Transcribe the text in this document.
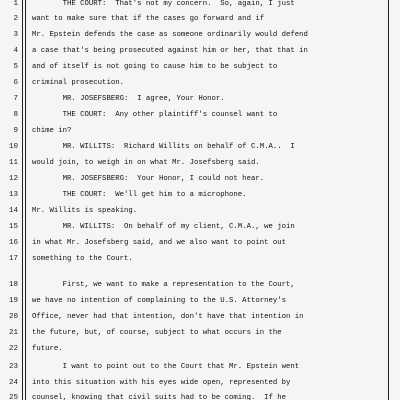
1 THE COURT:  That's not my concern.  So, again, I just
2 want to make sure that if the cases go forward and if
3 Mr. Epstein defends the case as someone ordinarily would defend
4 a case that's being prosecuted against him or her, that that in
5 and of itself is not going to cause him to be subject to
6 criminal prosecution.
7 MR. JOSEFSBERG:  I agree, Your Honor.
8 THE COURT:  Any other plaintiff's counsel want to
9 chime in?
10 MR. WILLITS:  Richard Willits on behalf of C.M.A..  I
11 would join, to weigh in on what Mr. Josefsberg said.
12 MR. JOSEFSBERG:  Your Honor, I could not hear.
13 THE COURT:  We'll get him to a microphone.
14 Mr. Willits is speaking.
15 MR. WILLITS:  On behalf of my client, C.M.A., we join
16 in what Mr. Josefsberg said, and we also want to point out
17 something to the Court.
18 First, we want to make a representation to the Court,
19 we have no intention of complaining to the U.S. Attorney's
20 Office, never had that intention, don't have that intention in
21 the future, but, of course, subject to what occurs in the
22 future.
23 I want to point out to the Court that Mr. Epstein went
24 into this situation with his eyes wide open, represented by
25 counsel, knowing that civil suits had to be coming.  If he
